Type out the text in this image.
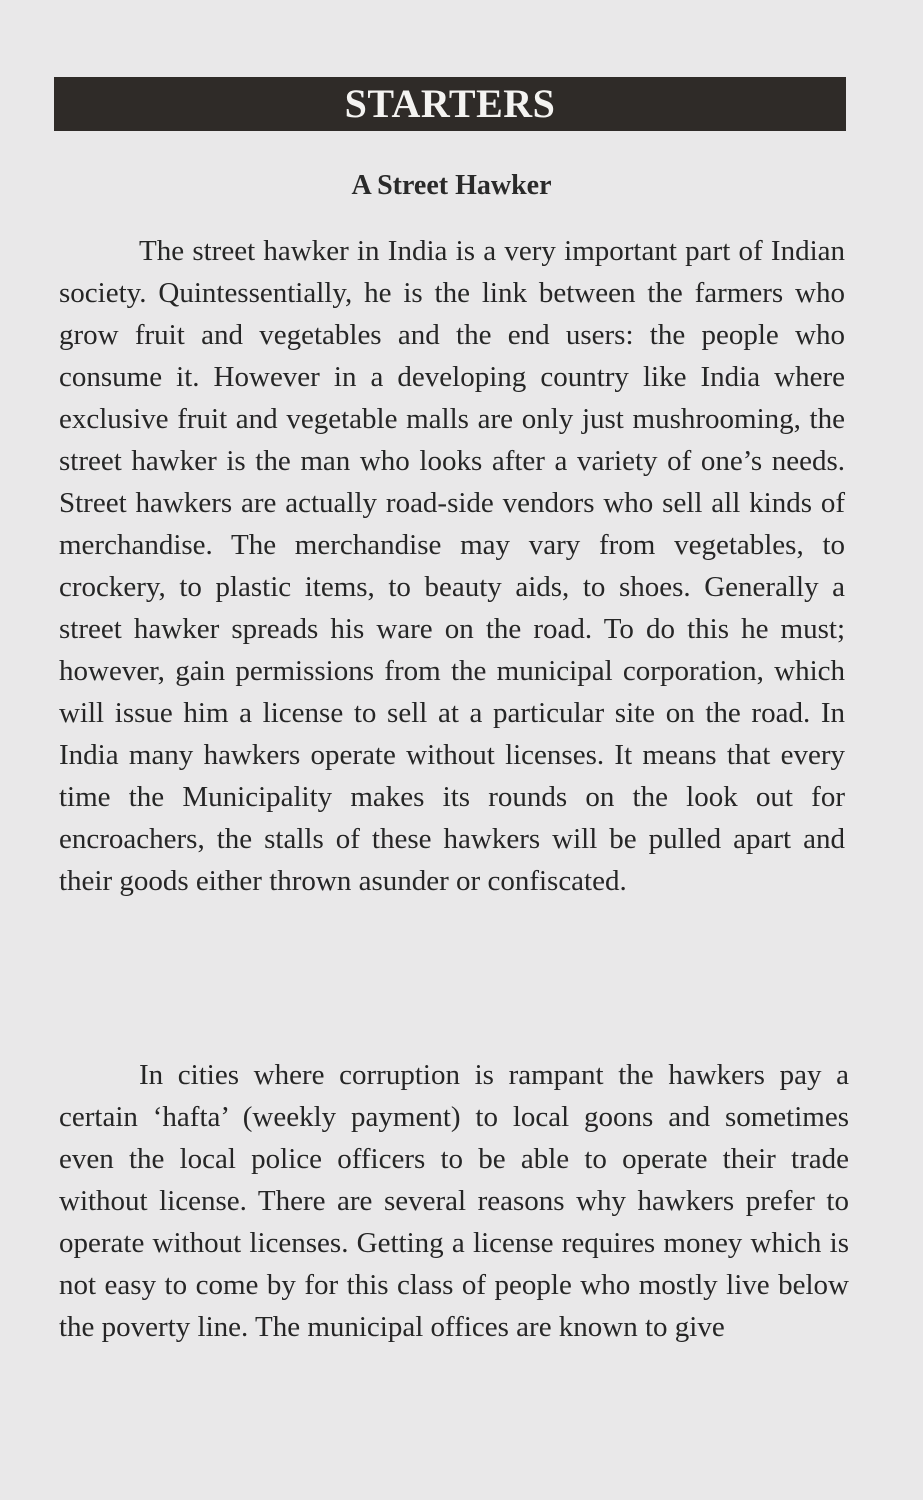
STARTERS
A Street Hawker

The street hawker in India is a very important part of Indian society. Quintessentially, he is the link between the farmers who grow fruit and vegetables and the end users: the people who consume it. However in a developing country like India where exclusive fruit and vegetable malls are only just mushrooming, the street hawker is the man who looks after a variety of one’s needs. Street hawkers are actually road-side vendors who sell all kinds of merchandise. The merchandise may vary from vegetables, to crockery, to plastic items, to beauty aids, to shoes. Generally a street hawker spreads his ware on the road. To do this he must; however, gain permissions from the municipal corporation, which will issue him a license to sell at a particular site on the road. In India many hawkers operate without licenses. It means that every time the Municipality makes its rounds on the look out for encroachers, the stalls of these hawkers will be pulled apart and their goods either thrown asunder or confiscated.

In cities where corruption is rampant the hawkers pay a certain ‘hafta’ (weekly payment) to local goons and sometimes even the local police officers to be able to operate their trade without license. There are several reasons why hawkers prefer to operate without licenses. Getting a license requires money which is not easy to come by for this class of people who mostly live below the poverty line. The municipal offices are known to give
